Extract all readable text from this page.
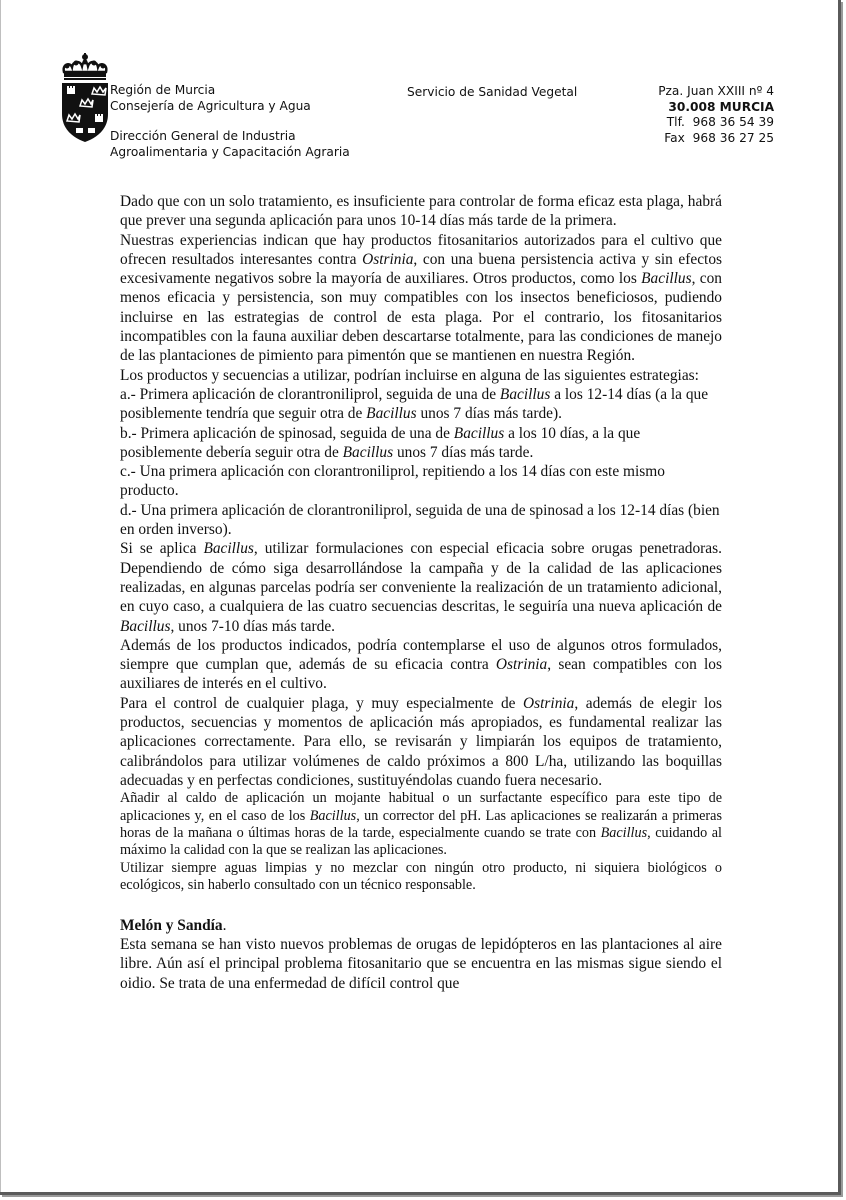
Región de Murcia
Consejería de Agricultura y Agua
Dirección General de Industria
Agroalimentaria y Capacitación Agraria
Servicio de Sanidad Vegetal	Pza. Juan XXIII nº 4
30.008 MURCIA
Tlf.  968 36 54 39
Fax  968 36 27 25

Dado que con un solo tratamiento, es insuficiente para controlar de forma eficaz esta plaga, habrá que prever una segunda aplicación para unos 10-14 días más tarde de la primera.

Nuestras experiencias indican que hay productos fitosanitarios autorizados para el cultivo que ofrecen resultados interesantes contra Ostrinia, con una buena persistencia activa y sin efectos excesivamente negativos sobre la mayoría de auxiliares. Otros productos, como los Bacillus, con menos eficacia y persistencia, son muy compatibles con los insectos beneficiosos, pudiendo incluirse en las estrategias de control de esta plaga. Por el contrario, los fitosanitarios incompatibles con la fauna auxiliar deben descartarse totalmente, para las condiciones de manejo de las plantaciones de pimiento para pimentón que se mantienen en nuestra Región.

Los productos y secuencias a utilizar, podrían incluirse en alguna de las siguientes estrategias:

a.- Primera aplicación de clorantroniliprol, seguida de una de Bacillus a los 12-14 días (a la que posiblemente tendría que seguir otra de Bacillus unos 7 días más tarde).

b.- Primera aplicación de spinosad, seguida de una de Bacillus a los 10 días, a la que posiblemente debería seguir otra de Bacillus unos 7 días más tarde.

c.- Una primera aplicación con clorantroniliprol, repitiendo a los 14 días con este mismo producto.

d.- Una primera aplicación de clorantroniliprol, seguida de una de spinosad a los 12-14 días (bien en orden inverso).

Si se aplica Bacillus, utilizar formulaciones con especial eficacia sobre orugas penetradoras. Dependiendo de cómo siga desarrollándose la campaña y de la calidad de las aplicaciones realizadas, en algunas parcelas podría ser conveniente la realización de un tratamiento adicional, en cuyo caso, a cualquiera de las cuatro secuencias descritas, le seguiría una nueva aplicación de Bacillus, unos 7-10 días más tarde.

Además de los productos indicados, podría contemplarse el uso de algunos otros formulados, siempre que cumplan que, además de su eficacia contra Ostrinia, sean compatibles con los auxiliares de interés en el cultivo.

Para el control de cualquier plaga, y muy especialmente de Ostrinia, además de elegir los productos, secuencias y momentos de aplicación más apropiados, es fundamental realizar las aplicaciones correctamente. Para ello, se revisarán y limpiarán los equipos de tratamiento, calibrándolos para utilizar volúmenes de caldo próximos a 800 L/ha, utilizando las boquillas adecuadas y en perfectas condiciones, sustituyéndolas cuando fuera necesario.

Añadir al caldo de aplicación un mojante habitual o un surfactante específico para este tipo de aplicaciones y, en el caso de los Bacillus, un corrector del pH. Las aplicaciones se realizarán a primeras horas de la mañana o últimas horas de la tarde, especialmente cuando se trate con Bacillus, cuidando al máximo la calidad con la que se realizan las aplicaciones.

Utilizar siempre aguas limpias y no mezclar con ningún otro producto, ni siquiera biológicos o ecológicos, sin haberlo consultado con un técnico responsable.

Melón y Sandía.

Esta semana se han visto nuevos problemas de orugas de lepidópteros en las plantaciones al aire libre. Aún así el principal problema fitosanitario que se encuentra en las mismas sigue siendo el oidio. Se trata de una enfermedad de difícil control que
